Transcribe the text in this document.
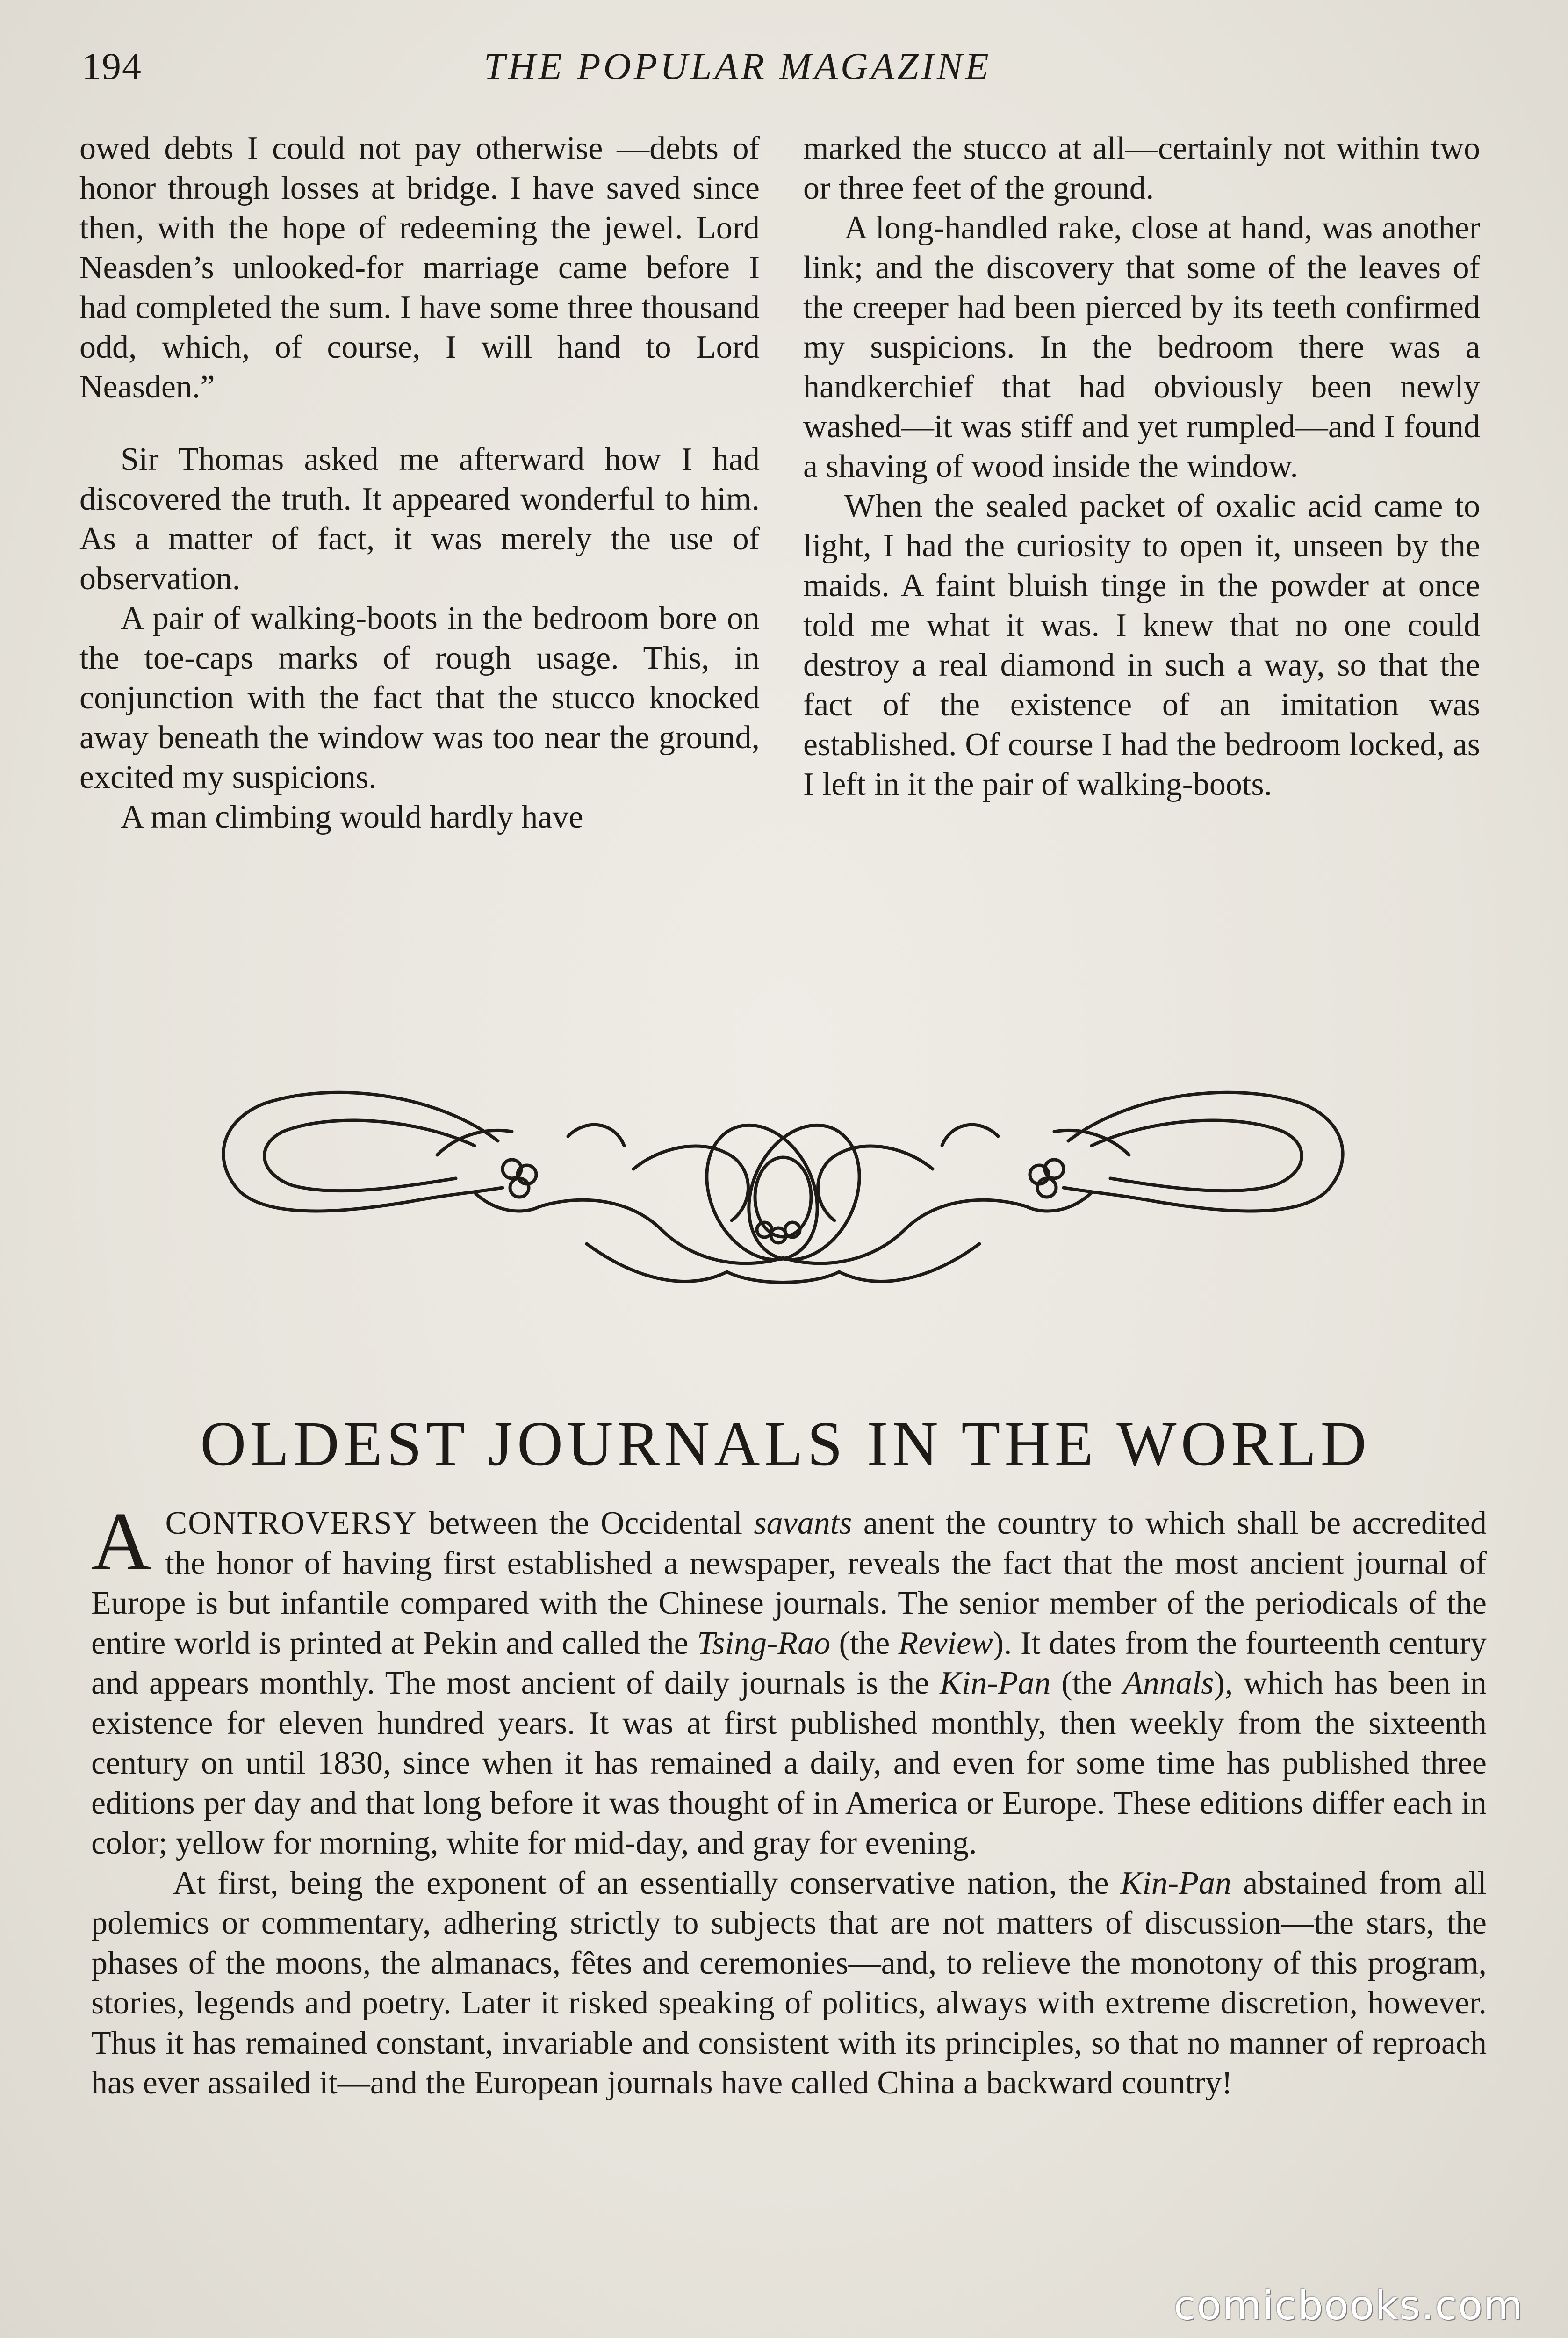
194	THE POPULAR MAGAZINE

owed debts I could not pay otherwise ––debts of honor through losses at bridge. I have saved since then, with the hope of redeeming the jewel. Lord Neasden’s unlooked-for marriage came before I had completed the sum. I have some three thousand odd, which, of course, I will hand to Lord Neasden.”

Sir Thomas asked me afterward how I had discovered the truth. It appeared wonderful to him. As a matter of fact, it was merely the use of observation.

A pair of walking-boots in the bedroom bore on the toe-caps marks of rough usage. This, in conjunction with the fact that the stucco knocked away beneath the window was too near the ground, excited my suspicions.

A man climbing would hardly have

marked the stucco at all—certainly not within two or three feet of the ground.

A long-handled rake, close at hand, was another link; and the discovery that some of the leaves of the creeper had been pierced by its teeth confirmed my suspicions. In the bedroom there was a handkerchief that had obviously been newly washed—it was stiff and yet rumpled—and I found a shaving of wood inside the window.

When the sealed packet of oxalic acid came to light, I had the curiosity to open it, unseen by the maids. A faint bluish tinge in the powder at once told me what it was. I knew that no one could destroy a real diamond in such a way, so that the fact of the existence of an imitation was established. Of course I had the bedroom locked, as I left in it the pair of walking-boots.

OLDEST JOURNALS IN THE WORLD

ACONTROVERSY between the Occidental savants anent the country to which shall be accredited the honor of having first established a newspaper, reveals the fact that the most ancient journal of Europe is but infantile compared with the Chinese journals. The senior member of the periodicals of the entire world is printed at Pekin and called the Tsing-Rao (the Review). It dates from the fourteenth century and appears monthly. The most ancient of daily journals is the Kin-Pan (the Annals), which has been in existence for eleven hundred years. It was at first published monthly, then weekly from the sixteenth century on until 1830, since when it has remained a daily, and even for some time has published three editions per day and that long before it was thought of in America or Europe. These editions differ each in color; yellow for morning, white for mid-day, and gray for evening.

At first, being the exponent of an essentially conservative nation, the Kin-Pan abstained from all polemics or commentary, adhering strictly to subjects that are not matters of discussion—the stars, the phases of the moons, the almanacs, fêtes and ceremonies—and, to relieve the monotony of this program, stories, legends and poetry. Later it risked speaking of politics, always with extreme discretion, however. Thus it has remained constant, invariable and consistent with its principles, so that no manner of reproach has ever assailed it—and the European journals have called China a backward country!

comicbooks.com
